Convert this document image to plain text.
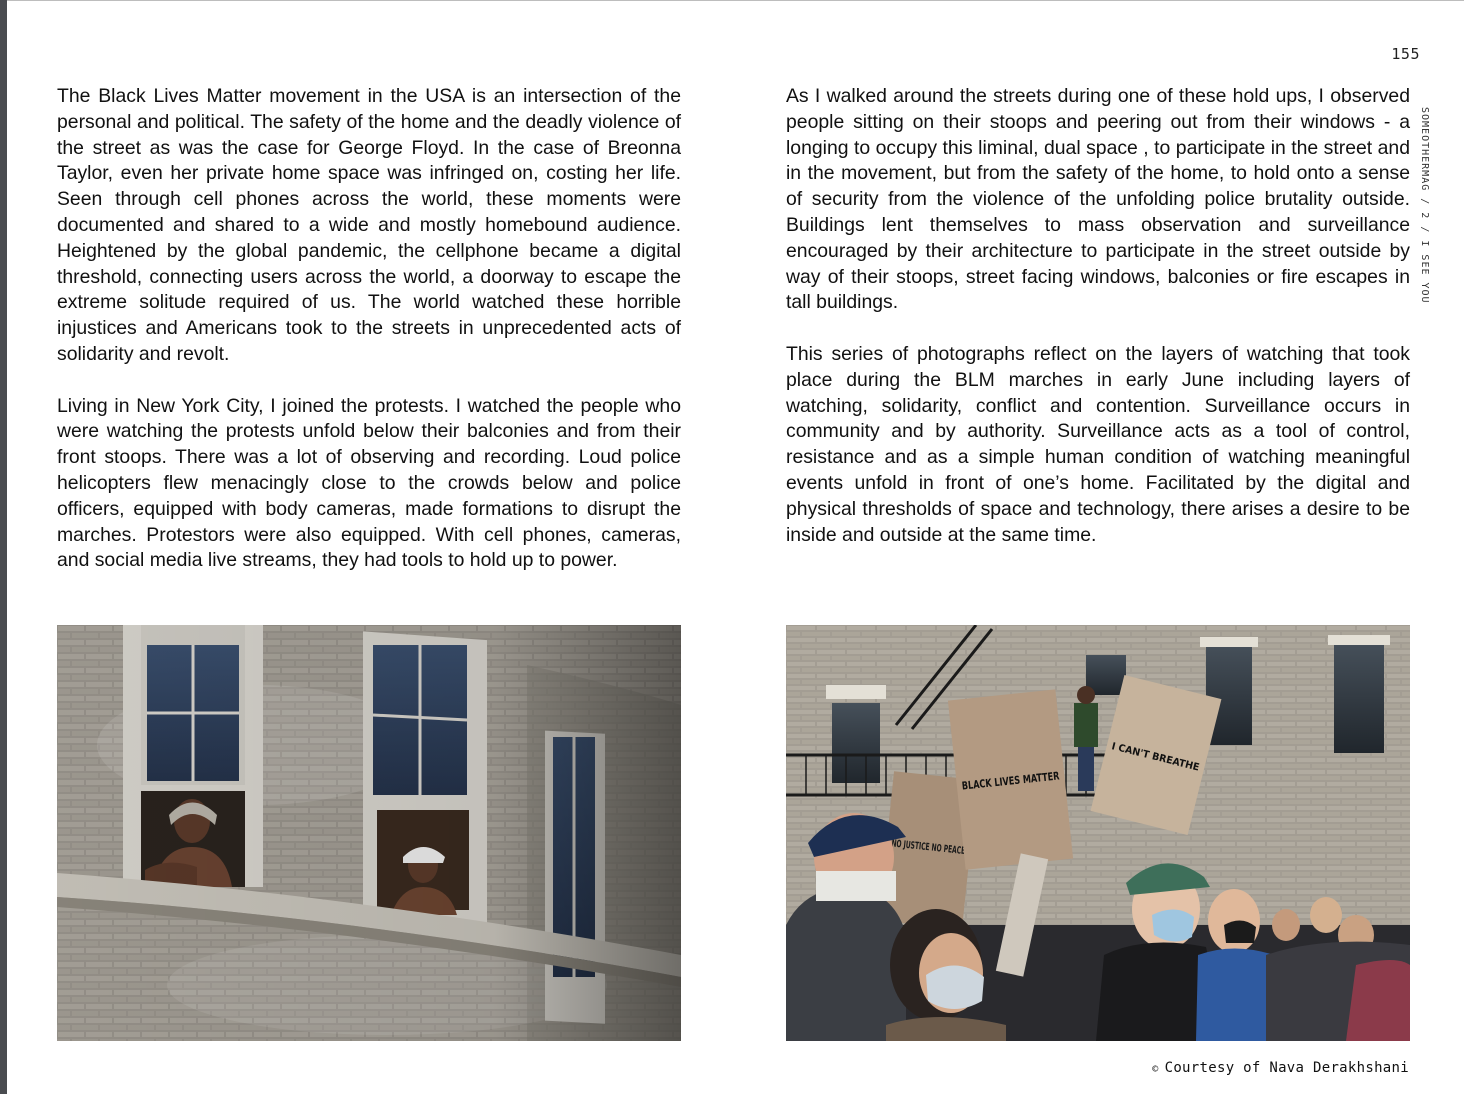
155
SOMEOTHERMAG / 2 / I SEE YOU

The Black Lives Matter movement in the USA is an intersection of the personal and political. The safety of the home and the deadly violence of the street as was the case for George Floyd. In the case of Breonna Taylor, even her private home space was infringed on, costing her life. Seen through cell phones across the world, these moments were documented and shared to a wide and mostly homebound audience. Heightened by the global pandemic, the cellphone became a digital threshold, connecting users across the world, a doorway to escape the extreme solitude required of us. The world watched these horrible injustices and Americans took to the streets in unprecedented acts of solidarity and revolt.

Living in New York City, I joined the protests. I watched the people who were watching the protests unfold below their balconies and from their front stoops. There was a lot of observing and recording. Loud police helicopters flew menacingly close to the crowds below and police officers, equipped with body cameras, made formations to disrupt the marches. Protestors were also equipped. With cell phones, cameras, and social media live streams, they had tools to hold up to power.

As I walked around the streets during one of these hold ups, I observed people sitting on their stoops and peering out from their windows - a longing to occupy this liminal, dual space , to participate in the street and in the movement, but from the safety of the home, to hold onto a sense of security from the violence of the unfolding police brutality outside. Buildings lent themselves to mass observation and surveillance encouraged by their architecture to participate in the street outside by way of their stoops, street facing windows, balconies or fire escapes in tall buildings.

This series of photographs reflect on the layers of watching that took place during the BLM marches in early June including layers of watching, solidarity, conflict and contention. Surveillance occurs in community and by authority. Surveillance acts as a tool of control, resistance and as a simple human condition of watching meaningful events unfold in front of one’s home. Facilitated by the digital and physical thresholds of space and technology, there arises a desire to be inside and outside at the same time.

NO JUSTICE NO PEACE
BLACK LIVES MATTER
I CAN'T BREATHE
© Courtesy of Nava Derakhshani
